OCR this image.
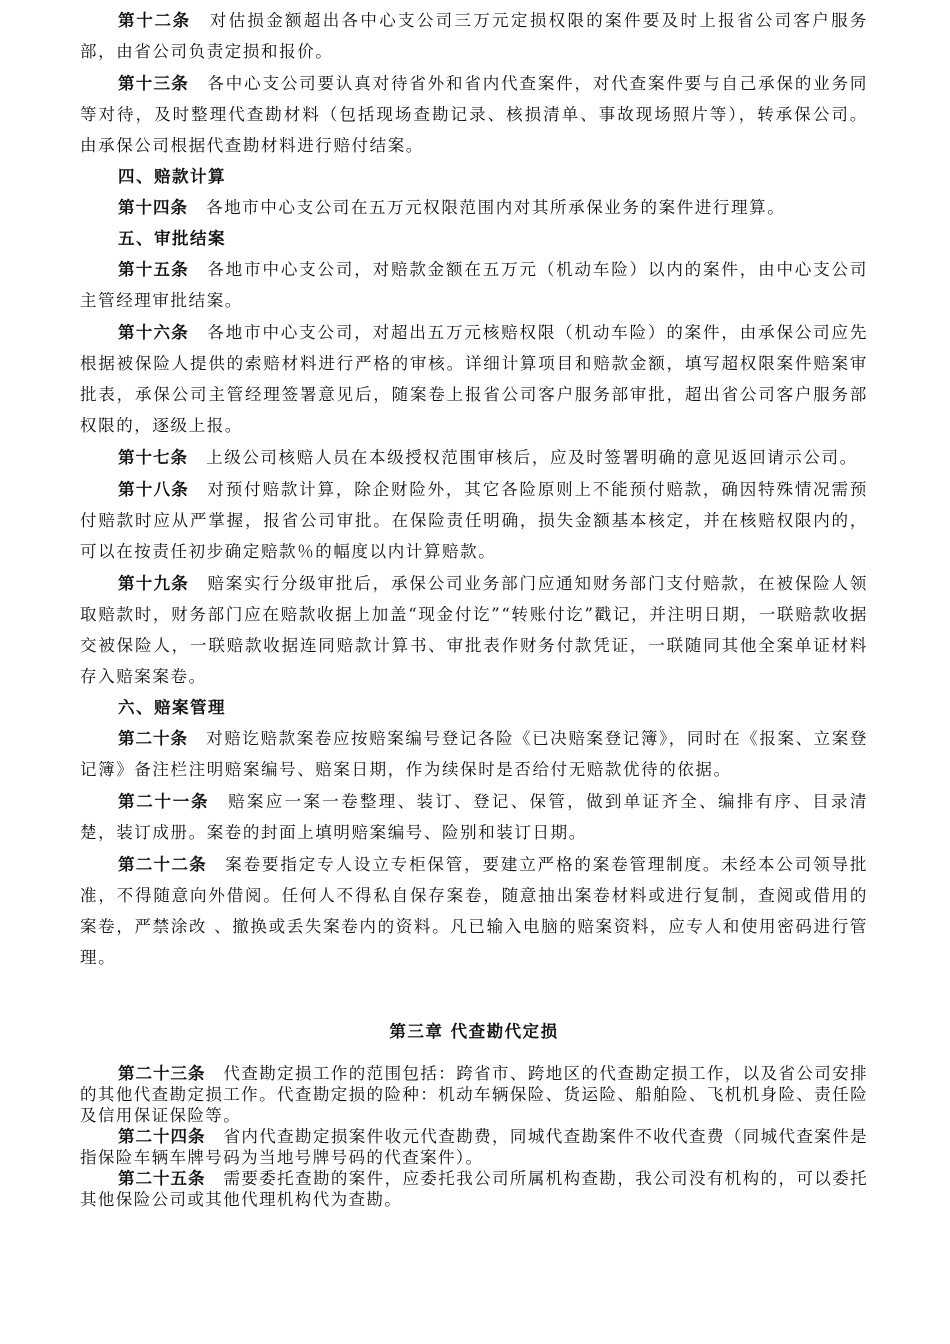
第十二条　 对估损金额超出各中心支公司三万元定损权限的案件要及时上报省公司客户服务部，由省公司负责定损和报价。

第十三条　 各中心支公司要认真对待省外和省内代查案件，对代查案件要与自己承保的业务同等对待，及时整理代查勘材料（包括现场查勘记录、核损清单、事故现场照片等），转承保公司。由承保公司根据代查勘材料进行赔付结案。

四、赔款计算

第十四条　 各地市中心支公司在五万元权限范围内对其所承保业务的案件进行理算。

五、审批结案

第十五条　 各地市中心支公司，对赔款金额在五万元（机动车险）以内的案件，由中心支公司主管经理审批结案。

第十六条　 各地市中心支公司，对超出五万元核赔权限（机动车险）的案件，由承保公司应先根据被保险人提供的索赔材料进行严格的审核。详细计算项目和赔款金额，填写超权限案件赔案审批表，承保公司主管经理签署意见后，随案卷上报省公司客户服务部审批，超出省公司客户服务部权限的，逐级上报。

第十七条　 上级公司核赔人员在本级授权范围审核后，应及时签署明确的意见返回请示公司。

第十八条　 对预付赔款计算，除企财险外，其它各险原则上不能预付赔款，确因特殊情况需预付赔款时应从严掌握，报省公司审批。在保险责任明确，损失金额基本核定，并在核赔权限内的，可以在按责任初步确定赔款％的幅度以内计算赔款。

第十九条　 赔案实行分级审批后，承保公司业务部门应通知财务部门支付赔款，在被保险人领取赔款时，财务部门应在赔款收据上加盖“现金付讫”“转账付讫”戳记，并注明日期，一联赔款收据交被保险人，一联赔款收据连同赔款计算书、审批表作财务付款凭证，一联随同其他全案单证材料存入赔案案卷。

六、赔案管理

第二十条　 对赔讫赔款案卷应按赔案编号登记各险《已决赔案登记簿》，同时在《报案、立案登记簿》备注栏注明赔案编号、赔案日期，作为续保时是否给付无赔款优待的依据。

第二十一条　 赔案应一案一卷整理、装订、登记、保管，做到单证齐全、编排有序、目录清楚，装订成册。案卷的封面上填明赔案编号、险别和装订日期。

第二十二条　 案卷要指定专人设立专柜保管，要建立严格的案卷管理制度。未经本公司领导批准，不得随意向外借阅。任何人不得私自保存案卷，随意抽出案卷材料或进行复制，查阅或借用的案卷，严禁涂改 、撤换或丢失案卷内的资料。凡已输入电脑的赔案资料，应专人和使用密码进行管理。

第三章 代查勘代定损

第二十三条　 代查勘定损工作的范围包括：跨省市、跨地区的代查勘定损工作，以及省公司安排的其他代查勘定损工作。代查勘定损的险种：机动车辆保险、货运险、船舶险、飞机机身险、责任险及信用保证保险等。

第二十四条　 省内代查勘定损案件收元代查勘费，同城代查勘案件不收代查费（同城代查案件是指保险车辆车牌号码为当地号牌号码的代查案件）。

第二十五条　 需要委托查勘的案件，应委托我公司所属机构查勘，我公司没有机构的，可以委托其他保险公司或其他代理机构代为查勘。
